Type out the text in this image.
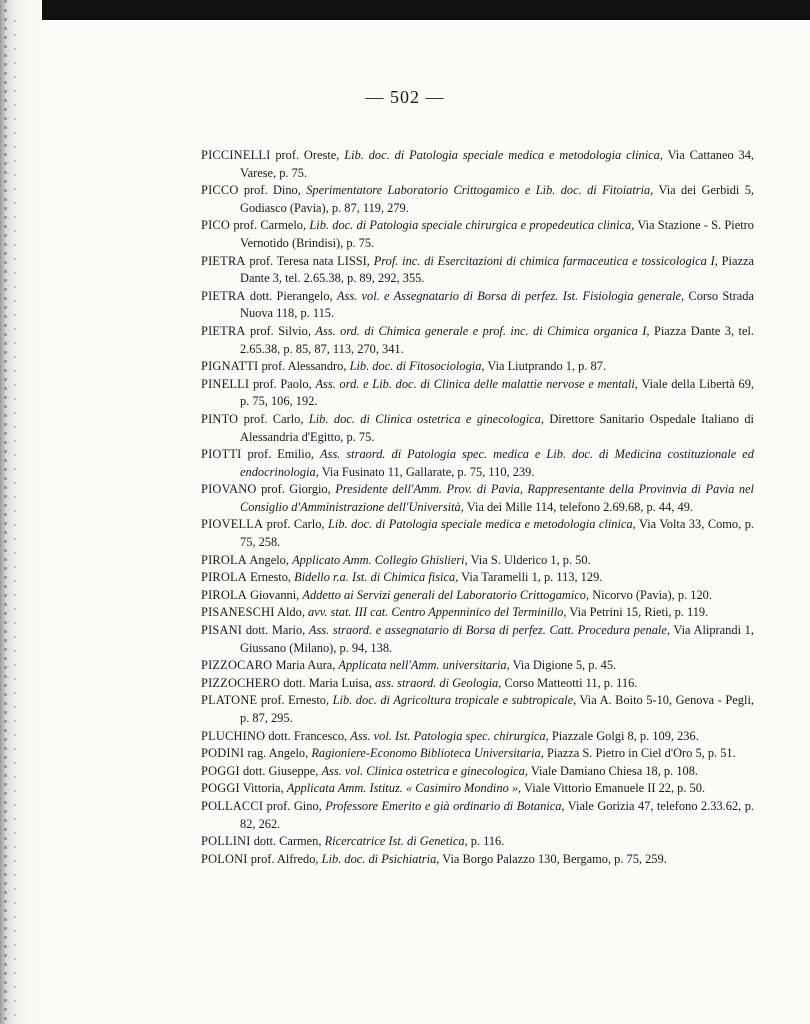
— 502 —

PICCINELLI prof. Oreste, Lib. doc. di Patologia speciale medica e metodologia clinica, Via Cattaneo 34, Varese, p. 75.

PICCO prof. Dino, Sperimentatore Laboratorio Crittogamico e Lib. doc. di Fitoiatria, Via dei Gerbidi 5, Godiasco (Pavia), p. 87, 119, 279.

PICO prof. Carmelo, Lib. doc. di Patologia speciale chirurgica e propedeutica clinica, Via Stazione - S. Pietro Vernotido (Brindisi), p. 75.

PIETRA prof. Teresa nata LISSI, Prof. inc. di Esercitazioni di chimica farmaceutica e tossicologica I, Piazza Dante 3, tel. 2.65.38, p. 89, 292, 355.

PIETRA dott. Pierangelo, Ass. vol. e Assegnatario di Borsa di perfez. Ist. Fisiologia generale, Corso Strada Nuova 118, p. 115.

PIETRA prof. Silvio, Ass. ord. di Chimica generale e prof. inc. di Chimica organica I, Piazza Dante 3, tel. 2.65.38, p. 85, 87, 113, 270, 341.

PIGNATTI prof. Alessandro, Lib. doc. di Fitosociologia, Via Liutprando 1, p. 87.

PINELLI prof. Paolo, Ass. ord. e Lib. doc. di Clinica delle malattie nervose e mentali, Viale della Libertà 69, p. 75, 106, 192.

PINTO prof. Carlo, Lib. doc. di Clinica ostetrica e ginecologica, Direttore Sanitario Ospedale Italiano di Alessandria d'Egitto, p. 75.

PIOTTI prof. Emilio, Ass. straord. di Patologia spec. medica e Lib. doc. di Medicina costituzionale ed endocrinologia, Via Fusinato 11, Gallarate, p. 75, 110, 239.

PIOVANO prof. Giorgio, Presidente dell'Amm. Prov. di Pavia, Rappresentante della Provinvia di Pavia nel Consiglio d'Amministrazione dell'Università, Via dei Mille 114, telefono 2.69.68, p. 44, 49.

PIOVELLA prof. Carlo, Lib. doc. di Patologia speciale medica e metodologia clinica, Via Volta 33, Como, p. 75, 258.

PIROLA Angelo, Applicato Amm. Collegio Ghislieri, Via S. Ulderico 1, p. 50.

PIROLA Ernesto, Bidello r.a. Ist. di Chimica fisica, Via Taramelli 1, p. 113, 129.

PIROLA Giovanni, Addetto ai Servizi generali del Laboratorio Crittogamico, Nicorvo (Pavia), p. 120.

PISANESCHI Aldo, avv. stat. III cat. Centro Appenninico del Terminillo, Via Petrini 15, Rieti, p. 119.

PISANI dott. Mario, Ass. straord. e assegnatario di Borsa di perfez. Catt. Procedura penale, Via Aliprandi 1, Giussano (Milano), p. 94, 138.

PIZZOCARO Maria Aura, Applicata nell'Amm. universitaria, Via Digione 5, p. 45.

PIZZOCHERO dott. Maria Luisa, ass. straord. di Geologia, Corso Matteotti 11, p. 116.

PLATONE prof. Ernesto, Lib. doc. di Agricoltura tropicale e subtropicale, Via A. Boito 5-10, Genova - Pegli, p. 87, 295.

PLUCHINO dott. Francesco, Ass. vol. Ist. Patologia spec. chirurgica, Piazzale Golgi 8, p. 109, 236.

PODINI rag. Angelo, Ragioniere-Economo Biblioteca Universitaria, Piazza S. Pietro in Ciel d'Oro 5, p. 51.

POGGI dott. Giuseppe, Ass. vol. Clinica ostetrica e ginecologica, Viale Damiano Chiesa 18, p. 108.

POGGI Vittoria, Applicata Amm. Istituz. « Casimiro Mondino », Viale Vittorio Emanuele II 22, p. 50.

POLLACCI prof. Gino, Professore Emerito e già ordinario di Botanica, Viale Gorizia 47, telefono 2.33.62, p. 82, 262.

POLLINI dott. Carmen, Ricercatrice Ist. di Genetica, p. 116.

POLONI prof. Alfredo, Lib. doc. di Psichiatria, Via Borgo Palazzo 130, Bergamo, p. 75, 259.
